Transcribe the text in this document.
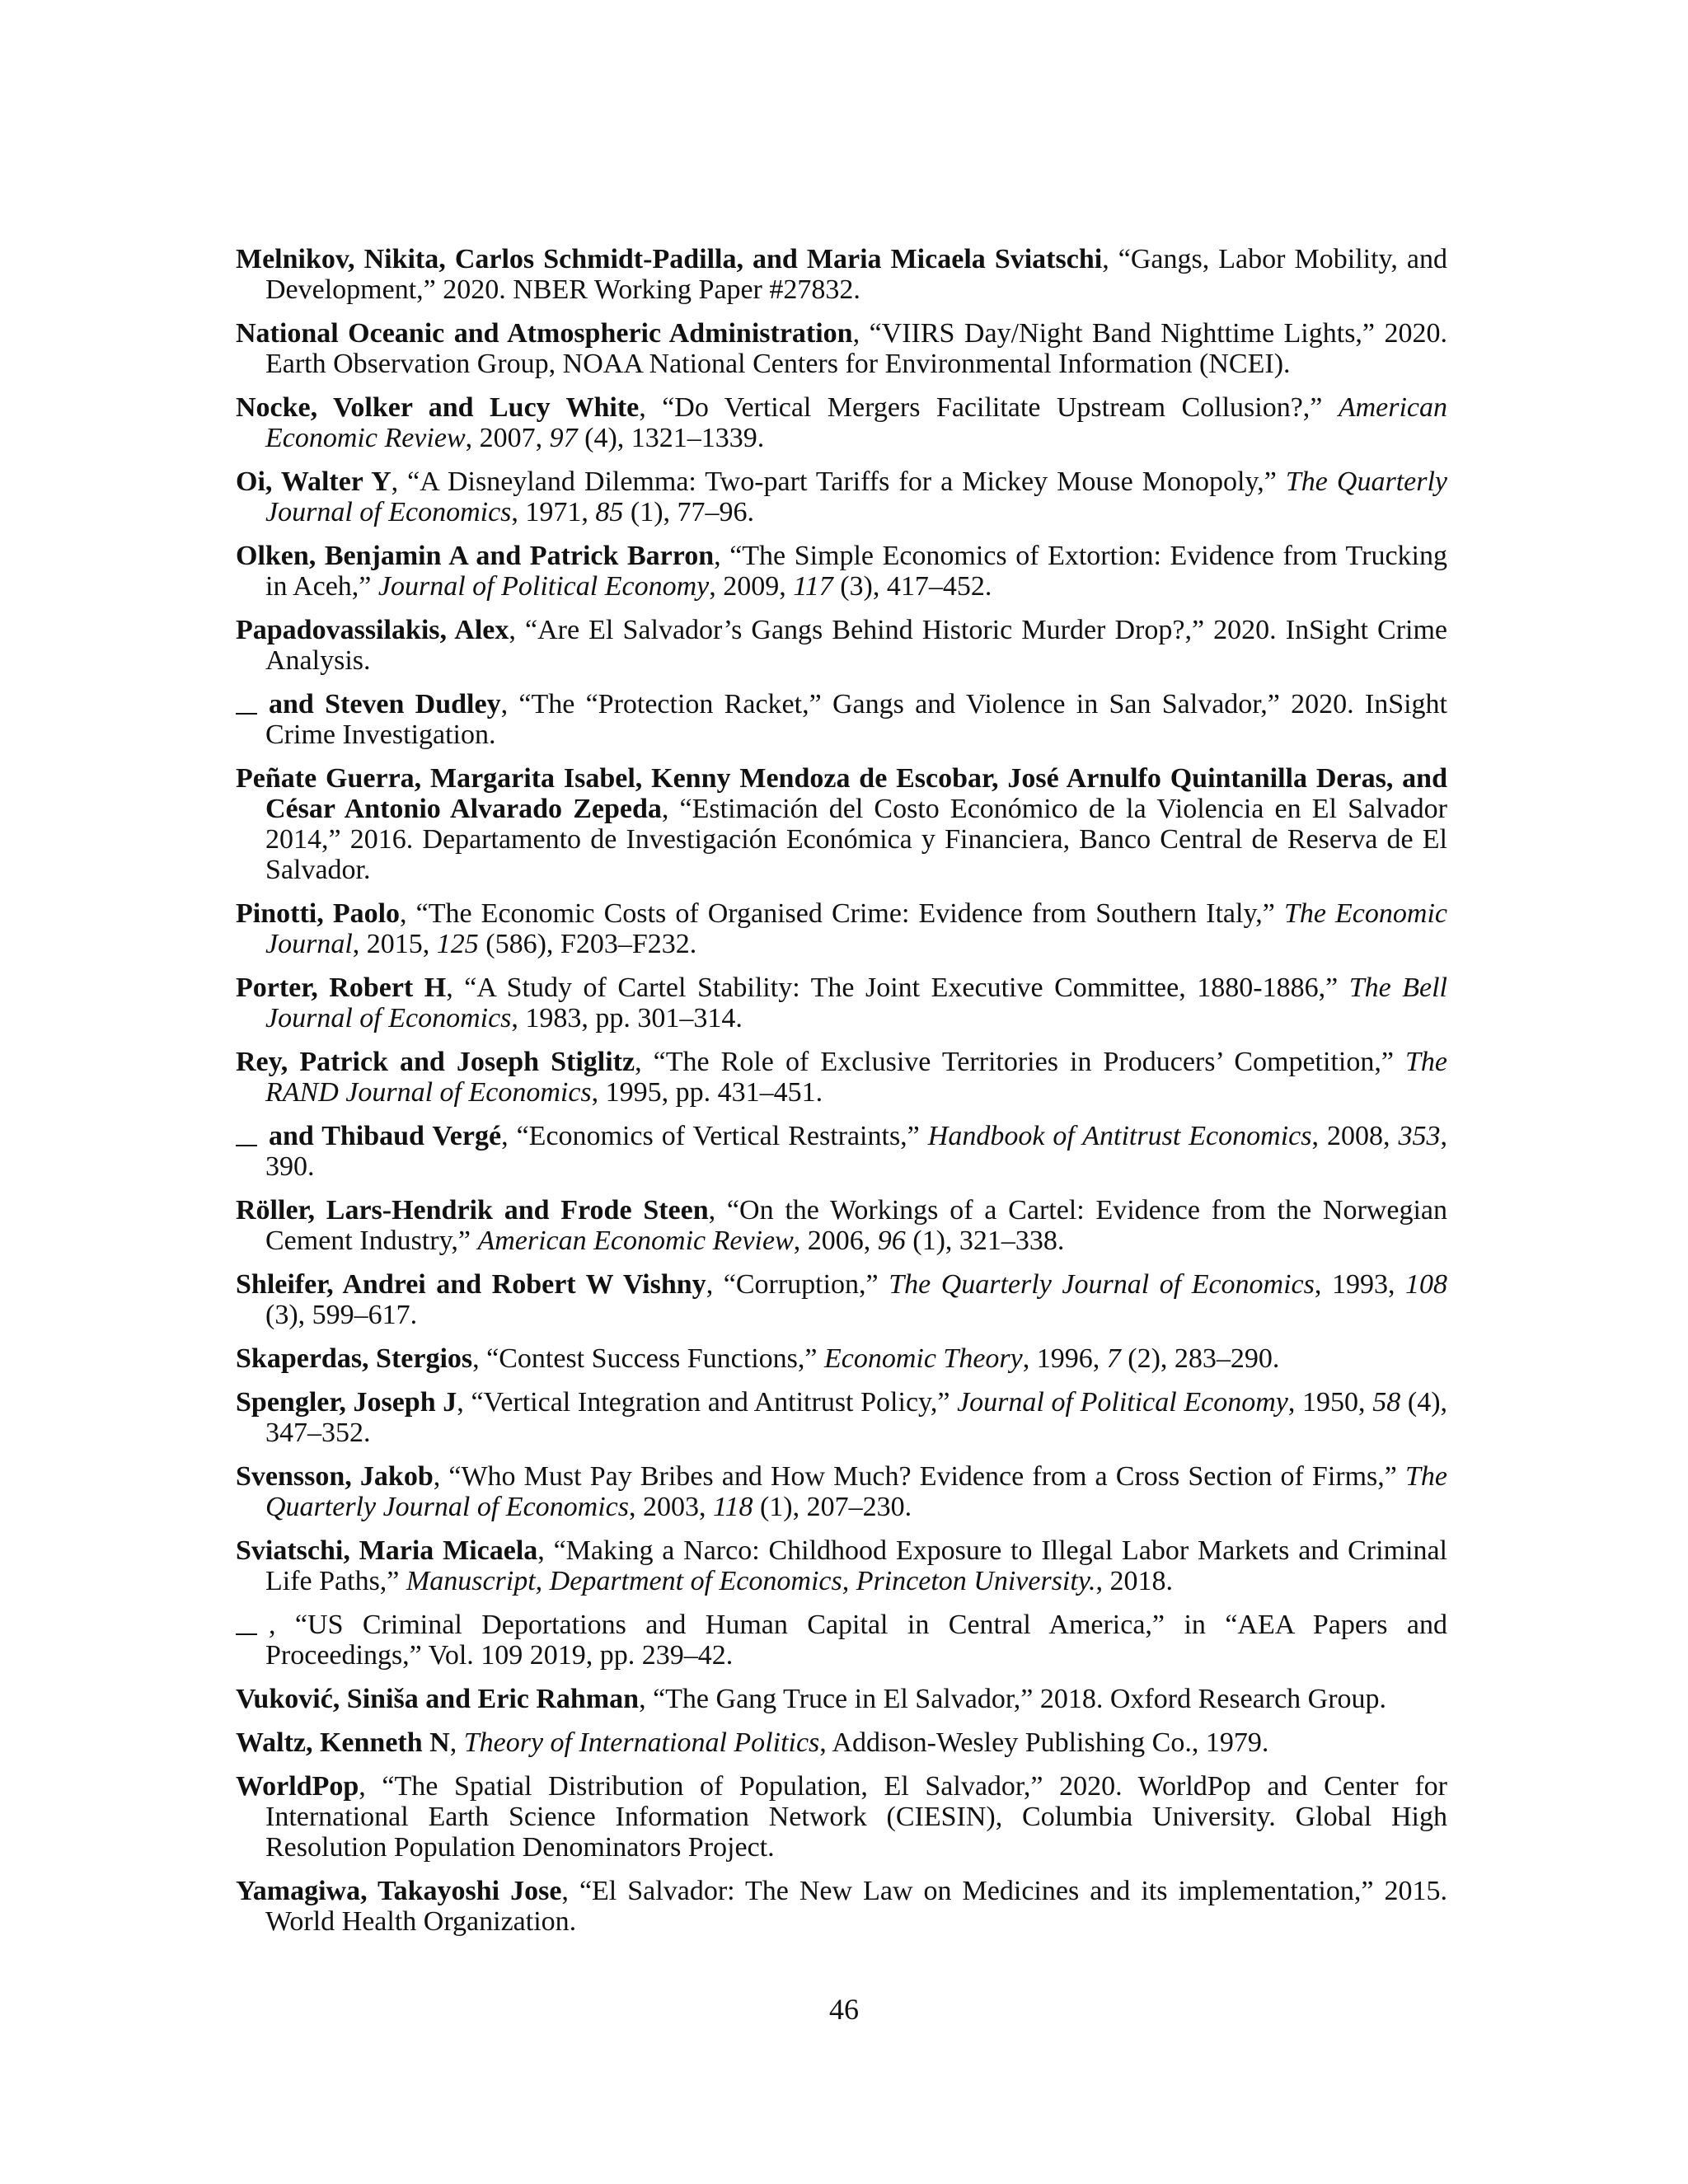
Melnikov, Nikita, Carlos Schmidt-Padilla, and Maria Micaela Sviatschi, “Gangs, Labor Mobility, and Development,” 2020. NBER Working Paper #27832.

National Oceanic and Atmospheric Administration, “VIIRS Day/Night Band Nighttime Lights,” 2020. Earth Observation Group, NOAA National Centers for Environmental Information (NCEI).

Nocke, Volker and Lucy White, “Do Vertical Mergers Facilitate Upstream Collusion?,” American Economic Review, 2007, 97 (4), 1321–1339.

Oi, Walter Y, “A Disneyland Dilemma: Two-part Tariffs for a Mickey Mouse Monopoly,” The Quarterly Journal of Economics, 1971, 85 (1), 77–96.

Olken, Benjamin A and Patrick Barron, “The Simple Economics of Extortion: Evidence from Trucking in Aceh,” Journal of Political Economy, 2009, 117 (3), 417–452.

Papadovassilakis, Alex, “Are El Salvador’s Gangs Behind Historic Murder Drop?,” 2020. InSight Crime Analysis.

and Steven Dudley, “The “Protection Racket,” Gangs and Violence in San Salvador,” 2020. InSight Crime Investigation.

Peñate Guerra, Margarita Isabel, Kenny Mendoza de Escobar, José Arnulfo Quintanilla Deras, and César Antonio Alvarado Zepeda, “Estimación del Costo Económico de la Violencia en El Salvador 2014,” 2016. Departamento de Investigación Económica y Financiera, Banco Central de Reserva de El Salvador.

Pinotti, Paolo, “The Economic Costs of Organised Crime: Evidence from Southern Italy,” The Economic Journal, 2015, 125 (586), F203–F232.

Porter, Robert H, “A Study of Cartel Stability: The Joint Executive Committee, 1880-1886,” The Bell Journal of Economics, 1983, pp. 301–314.

Rey, Patrick and Joseph Stiglitz, “The Role of Exclusive Territories in Producers’ Competition,” The RAND Journal of Economics, 1995, pp. 431–451.

and Thibaud Vergé, “Economics of Vertical Restraints,” Handbook of Antitrust Economics, 2008, 353, 390.

Röller, Lars-Hendrik and Frode Steen, “On the Workings of a Cartel: Evidence from the Norwegian Cement Industry,” American Economic Review, 2006, 96 (1), 321–338.

Shleifer, Andrei and Robert W Vishny, “Corruption,” The Quarterly Journal of Economics, 1993, 108 (3), 599–617.

Skaperdas, Stergios, “Contest Success Functions,” Economic Theory, 1996, 7 (2), 283–290.

Spengler, Joseph J, “Vertical Integration and Antitrust Policy,” Journal of Political Economy, 1950, 58 (4), 347–352.

Svensson, Jakob, “Who Must Pay Bribes and How Much? Evidence from a Cross Section of Firms,” The Quarterly Journal of Economics, 2003, 118 (1), 207–230.

Sviatschi, Maria Micaela, “Making a Narco: Childhood Exposure to Illegal Labor Markets and Criminal Life Paths,” Manuscript, Department of Economics, Princeton University., 2018.

, “US Criminal Deportations and Human Capital in Central America,” in “AEA Papers and Proceedings,” Vol. 109 2019, pp. 239–42.

Vuković, Siniša and Eric Rahman, “The Gang Truce in El Salvador,” 2018. Oxford Research Group.

Waltz, Kenneth N, Theory of International Politics, Addison-Wesley Publishing Co., 1979.

WorldPop, “The Spatial Distribution of Population, El Salvador,” 2020. WorldPop and Center for International Earth Science Information Network (CIESIN), Columbia University. Global High Resolution Population Denominators Project.

Yamagiwa, Takayoshi Jose, “El Salvador: The New Law on Medicines and its implementation,” 2015. World Health Organization.

46
